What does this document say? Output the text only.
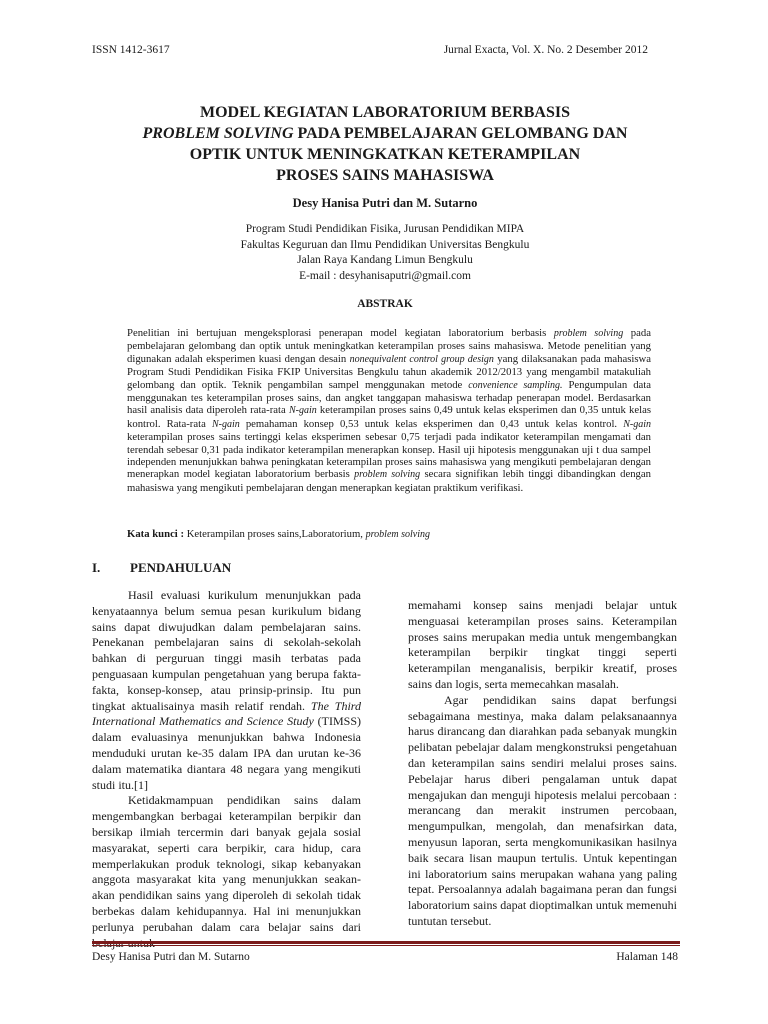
ISSN 1412-3617	Jurnal Exacta, Vol. X. No. 2 Desember 2012
MODEL KEGIATAN LABORATORIUM BERBASIS
PROBLEM SOLVING PADA PEMBELAJARAN GELOMBANG DAN
OPTIK UNTUK MENINGKATKAN KETERAMPILAN
PROSES SAINS MAHASISWA
Desy Hanisa Putri dan M. Sutarno
Program Studi Pendidikan Fisika, Jurusan Pendidikan MIPA
Fakultas Keguruan dan Ilmu Pendidikan Universitas Bengkulu
Jalan Raya Kandang Limun Bengkulu
E-mail : desyhanisaputri@gmail.com
ABSTRAK
Penelitian ini bertujuan mengeksplorasi penerapan model kegiatan laboratorium berbasis problem solving pada pembelajaran gelombang dan optik untuk meningkatkan keterampilan proses sains mahasiswa. Metode penelitian yang digunakan adalah eksperimen kuasi dengan desain nonequivalent control group design yang dilaksanakan pada mahasiswa Program Studi Pendidikan Fisika FKIP Universitas Bengkulu tahun akademik 2012/2013 yang mengambil matakuliah gelombang dan optik. Teknik pengambilan sampel menggunakan metode convenience sampling. Pengumpulan data menggunakan tes keterampilan proses sains, dan angket tanggapan mahasiswa terhadap penerapan model. Berdasarkan hasil analisis data diperoleh rata-rata N-gain keterampilan proses sains 0,49 untuk kelas eksperimen dan 0,35 untuk kelas kontrol. Rata-rata N-gain pemahaman konsep 0,53 untuk kelas eksperimen dan 0,43 untuk kelas kontrol. N-gain keterampilan proses sains tertinggi kelas eksperimen sebesar 0,75 terjadi pada indikator keterampilan mengamati dan terendah sebesar 0,31 pada indikator keterampilan menerapkan konsep. Hasil uji hipotesis menggunakan uji t dua sampel independen menunjukkan bahwa peningkatan keterampilan proses sains mahasiswa yang mengikuti pembelajaran dengan menerapkan model kegiatan laboratorium berbasis problem solving secara signifikan lebih tinggi dibandingkan dengan mahasiswa yang mengikuti pembelajaran dengan menerapkan kegiatan praktikum verifikasi.
Kata kunci : Keterampilan proses sains,Laboratorium, problem solving
I. PENDAHULUAN

Hasil evaluasi kurikulum menunjukkan pada kenyataannya belum semua pesan kurikulum bidang sains dapat diwujudkan dalam pembelajaran sains. Penekanan pembelajaran sains di sekolah-sekolah bahkan di perguruan tinggi masih terbatas pada penguasaan kumpulan pengetahuan yang berupa fakta-fakta, konsep-konsep, atau prinsip-prinsip. Itu pun tingkat aktualisainya masih relatif rendah. The Third International Mathematics and Science Study (TIMSS) dalam evaluasinya menunjukkan bahwa Indonesia menduduki urutan ke-35 dalam IPA dan urutan ke-36 dalam matematika diantara 48 negara yang mengikuti studi itu.[1]

Ketidakmampuan pendidikan sains dalam mengembangkan berbagai keterampilan berpikir dan bersikap ilmiah tercermin dari banyak gejala sosial masyarakat, seperti cara berpikir, cara hidup, cara memperlakukan produk teknologi, sikap kebanyakan anggota masyarakat kita yang menunjukkan seakan-akan pendidikan sains yang diperoleh di sekolah tidak berbekas dalam kehidupannya. Hal ini menunjukkan perlunya perubahan dalam cara belajar sains dari

memahami konsep sains menjadi belajar untuk menguasai keterampilan proses sains. Keterampilan proses sains merupakan media untuk mengembangkan keterampilan berpikir tingkat tinggi seperti keterampilan menganalisis, berpikir kreatif, proses sains dan logis, serta memecahkan masalah.

Agar pendidikan sains dapat berfungsi sebagaimana mestinya, maka dalam pelaksanaannya harus dirancang dan diarahkan pada sebanyak mungkin pelibatan pebelajar dalam mengkonstruksi pengetahuan dan keterampilan sains sendiri melalui proses sains. Pebelajar harus diberi pengalaman untuk dapat mengajukan dan menguji hipotesis melalui percobaan : merancang dan merakit instrumen percobaan, mengumpulkan, mengolah, dan menafsirkan data, menyusun laporan, serta mengkomunikasikan hasilnya baik secara lisan maupun tertulis. Untuk kepentingan ini laboratorium sains merupakan wahana yang paling tepat. Persoalannya adalah bagaimana peran dan fungsi laboratorium sains dapat dioptimalkan untuk memenuhi tuntutan tersebut.

Desy Hanisa Putri dan M. Sutarno	Halaman 148
